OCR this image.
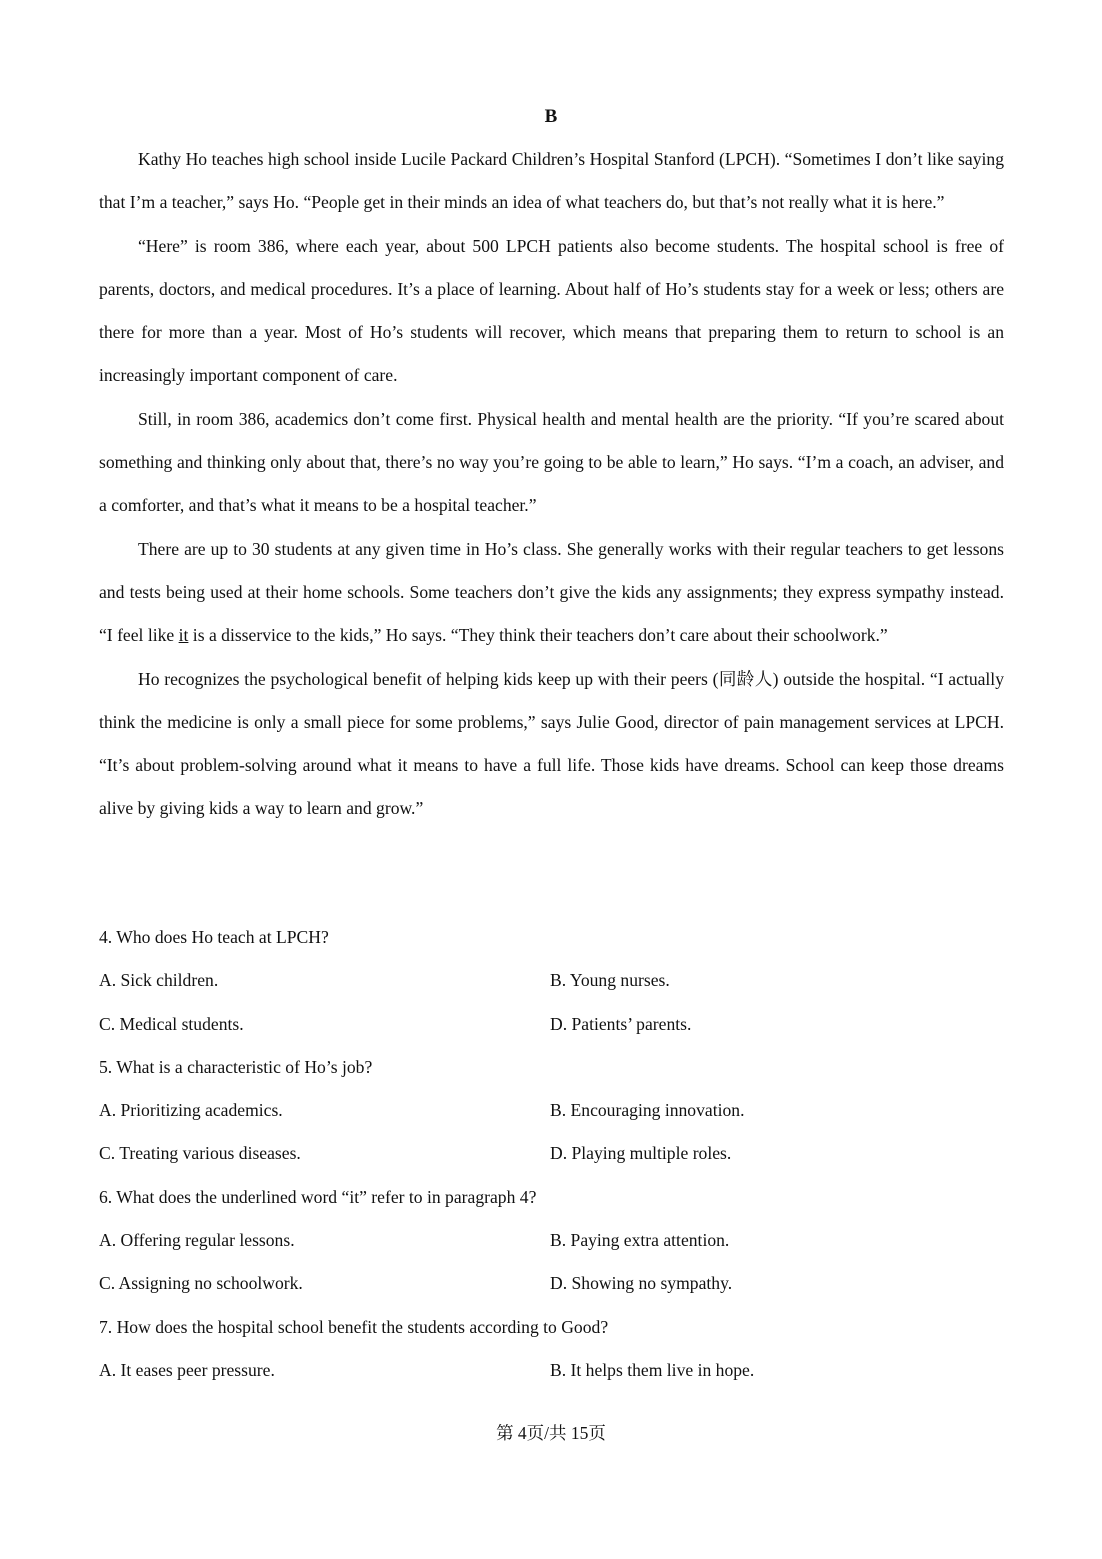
B

Kathy Ho teaches high school inside Lucile Packard Children’s Hospital Stanford (LPCH). “Sometimes I don’t like saying that I’m a teacher,” says Ho. “People get in their minds an idea of what teachers do, but that’s not really what it is here.”

“Here” is room 386, where each year, about 500 LPCH patients also become students. The hospital school is free of parents, doctors, and medical procedures. It’s a place of learning. About half of Ho’s students stay for a week or less; others are there for more than a year. Most of Ho’s students will recover, which means that preparing them to return to school is an increasingly important component of care.

Still, in room 386, academics don’t come first. Physical health and mental health are the priority. “If you’re scared about something and thinking only about that, there’s no way you’re going to be able to learn,” Ho says. “I’m a coach, an adviser, and a comforter, and that’s what it means to be a hospital teacher.”

There are up to 30 students at any given time in Ho’s class. She generally works with their regular teachers to get lessons and tests being used at their home schools. Some teachers don’t give the kids any assignments; they express sympathy instead. “I feel like it is a disservice to the kids,” Ho says. “They think their teachers don’t care about their schoolwork.”

Ho recognizes the psychological benefit of helping kids keep up with their peers (同龄人) outside the hospital. “I actually think the medicine is only a small piece for some problems,” says Julie Good, director of pain management services at LPCH. “It’s about problem-solving around what it means to have a full life. Those kids have dreams. School can keep those dreams alive by giving kids a way to learn and grow.”

4. Who does Ho teach at LPCH?

A. Sick children.	B. Young nurses.
C. Medical students.	D. Patients’ parents.

5. What is a characteristic of Ho’s job?

A. Prioritizing academics.	B. Encouraging innovation.
C. Treating various diseases.	D. Playing multiple roles.

6. What does the underlined word “it” refer to in paragraph 4?

A. Offering regular lessons.	B. Paying extra attention.
C. Assigning no schoolwork.	D. Showing no sympathy.

7. How does the hospital school benefit the students according to Good?

A. It eases peer pressure.	B. It helps them live in hope.
第 4页/共 15页
